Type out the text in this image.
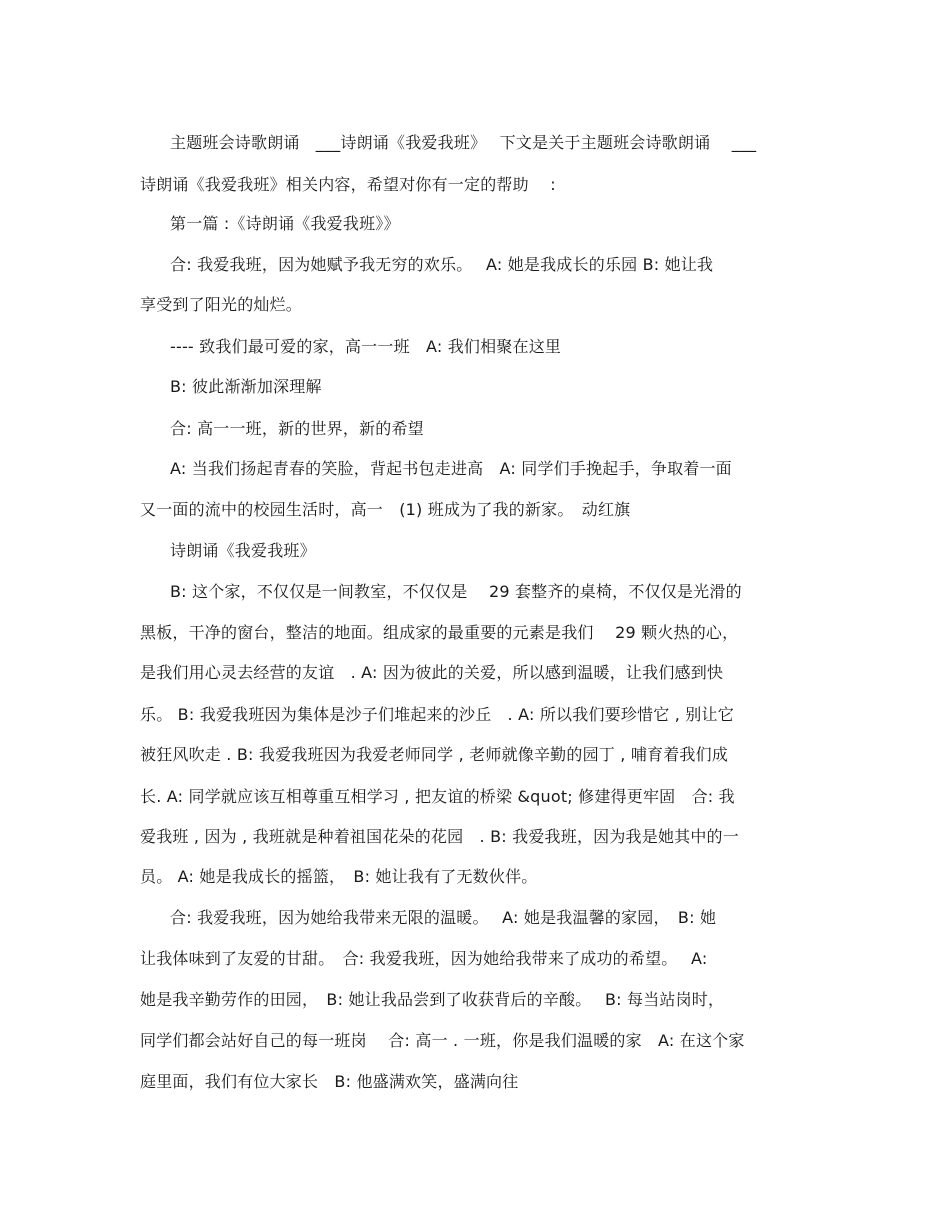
主题班会诗歌朗诵　___诗朗诵《我爱我班》　 下文是关于主题班会诗歌朗诵　 ___
诗朗诵《我爱我班》相关内容，希望对你有一定的帮助　 :
第一篇 :《诗朗诵《我爱我班》》
合: 我爱我班，因为她赋予我无穷的欢乐。　 A: 她是我成长的乐园 B: 她让我
享受到了阳光的灿烂。
---- 致我们最可爱的家，高一一班　A: 我们相聚在这里
B: 彼此渐渐加深理解
合: 高一一班，新的世界，新的希望
A: 当我们扬起青春的笑脸，背起书包走进高　A: 同学们手挽起手，争取着一面
又一面的流中的校园生活时，高一　(1) 班成为了我的新家。　动红旗
诗朗诵《我爱我班》
B: 这个家，不仅仅是一间教室，不仅仅是　 29 套整齐的桌椅，不仅仅是光滑的
黑板，干净的窗台，整洁的地面。组成家的最重要的元素是我们　 29 颗火热的心，
是我们用心灵去经营的友谊　. A: 因为彼此的关爱，所以感到温暖，让我们感到快
乐。 B: 我爱我班因为集体是沙子们堆起来的沙丘　. A: 所以我们要珍惜它 , 别让它
被狂风吹走 . B: 我爱我班因为我爱老师同学 , 老师就像辛勤的园丁 , 哺育着我们成
长. A: 同学就应该互相尊重互相学习 , 把友谊的桥梁 &quot; 修建得更牢固　合: 我
爱我班 , 因为 , 我班就是种着祖国花朵的花园　. B: 我爱我班，因为我是她其中的一
员。 A: 她是我成长的摇篮，　B: 她让我有了无数伙伴。
合: 我爱我班，因为她给我带来无限的温暖。　 A: 她是我温馨的家园，　B: 她
让我体味到了友爱的甘甜。　合: 我爱我班，因为她给我带来了成功的希望。　 A:
她是我辛勤劳作的田园，　B: 她让我品尝到了收获背后的辛酸。　 B: 每当站岗时，
同学们都会站好自己的每一班岗　 合: 高一 . 一班，你是我们温暖的家　A: 在这个家
庭里面，我们有位大家长　B: 他盛满欢笑，盛满向往
